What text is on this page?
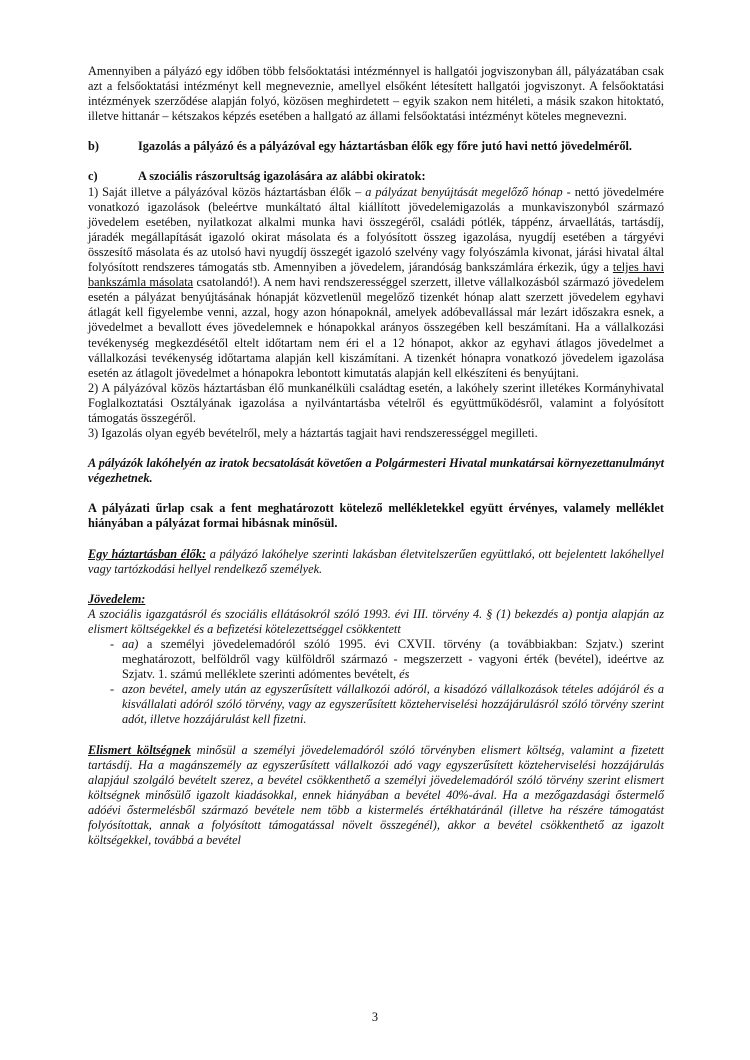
Amennyiben a pályázó egy időben több felsőoktatási intézménnyel is hallgatói jogviszonyban áll, pályázatában csak azt a felsőoktatási intézményt kell megneveznie, amellyel elsőként létesített hallgatói jogviszonyt. A felsőoktatási intézmények szerződése alapján folyó, közösen meghirdetett – egyik szakon nem hitéleti, a másik szakon hitoktató, illetve hittanár – kétszakos képzés esetében a hallgató az állami felsőoktatási intézményt köteles megnevezni.

b)	Igazolás a pályázó és a pályázóval egy háztartásban élők egy főre jutó havi nettó jövedelméről.
c)	A szociális rászorultság igazolására az alábbi okiratok:

1) Saját illetve a pályázóval közös háztartásban élők – a pályázat benyújtását megelőző hónap - nettó jövedelmére vonatkozó igazolások (beleértve munkáltató által kiállított jövedelemigazolás a munkaviszonyból származó jövedelem esetében, nyilatkozat alkalmi munka havi összegéről, családi pótlék, táppénz, árvaellátás, tartásdíj, járadék megállapítását igazoló okirat másolata és a folyósított összeg igazolása, nyugdíj esetében a tárgyévi összesítő másolata és az utolsó havi nyugdíj összegét igazoló szelvény vagy folyószámla kivonat, járási hivatal által folyósított rendszeres támogatás stb. Amennyiben a jövedelem, járandóság bankszámlára érkezik, úgy a teljes havi bankszámla másolata csatolandó!). A nem havi rendszerességgel szerzett, illetve vállalkozásból származó jövedelem esetén a pályázat benyújtásának hónapját közvetlenül megelőző tizenkét hónap alatt szerzett jövedelem egyhavi átlagát kell figyelembe venni, azzal, hogy azon hónapoknál, amelyek adóbevallással már lezárt időszakra esnek, a jövedelmet a bevallott éves jövedelemnek e hónapokkal arányos összegében kell beszámítani. Ha a vállalkozási tevékenység megkezdésétől eltelt időtartam nem éri el a 12 hónapot, akkor az egyhavi átlagos jövedelmet a vállalkozási tevékenység időtartama alapján kell kiszámítani. A tizenkét hónapra vonatkozó jövedelem igazolása esetén az átlagolt jövedelmet a hónapokra lebontott kimutatás alapján kell elkészíteni és benyújtani.

2) A pályázóval közös háztartásban élő munkanélküli családtag esetén, a lakóhely szerint illetékes Kormányhivatal Foglalkoztatási Osztályának igazolása a nyilvántartásba vételről és együttműködésről, valamint a folyósított támogatás összegéről.

3) Igazolás olyan egyéb bevételről, mely a háztartás tagjait havi rendszerességgel megilleti.

A pályázók lakóhelyén az iratok becsatolását követően a Polgármesteri Hivatal munkatársai környezettanulmányt végezhetnek.

A pályázati űrlap csak a fent meghatározott kötelező mellékletekkel együtt érvényes, valamely melléklet hiányában a pályázat formai hibásnak minősül.

Egy háztartásban élők: a pályázó lakóhelye szerinti lakásban életvitelszerűen együttlakó, ott bejelentett lakóhellyel vagy tartózkodási hellyel rendelkező személyek.

Jövedelem:

A szociális igazgatásról és szociális ellátásokról szóló 1993. évi III. törvény 4. § (1) bekezdés a) pontja alapján az elismert költségekkel és a befizetési kötelezettséggel csökkentett

- aa) a személyi jövedelemadóról szóló 1995. évi CXVII. törvény (a továbbiakban: Szjatv.) szerint meghatározott, belföldről vagy külföldről származó - megszerzett - vagyoni érték (bevétel), ideértve az Szjatv. 1. számú melléklete szerinti adómentes bevételt, és
- azon bevétel, amely után az egyszerűsített vállalkozói adóról, a kisadózó vállalkozások tételes adójáról és a kisvállalati adóról szóló törvény, vagy az egyszerűsített közteherviselési hozzájárulásról szóló törvény szerint adót, illetve hozzájárulást kell fizetni.

Elismert költségnek minősül a személyi jövedelemadóról szóló törvényben elismert költség, valamint a fizetett tartásdíj. Ha a magánszemély az egyszerűsített vállalkozói adó vagy egyszerűsített közteherviselési hozzájárulás alapjául szolgáló bevételt szerez, a bevétel csökkenthető a személyi jövedelemadóról szóló törvény szerint elismert költségnek minősülő igazolt kiadásokkal, ennek hiányában a bevétel 40%-ával. Ha a mezőgazdasági őstermelő adóévi őstermelésből származó bevétele nem több a kistermelés értékhatáránál (illetve ha részére támogatást folyósítottak, annak a folyósított támogatással növelt összegénél), akkor a bevétel csökkenthető az igazolt költségekkel, továbbá a bevétel

3
